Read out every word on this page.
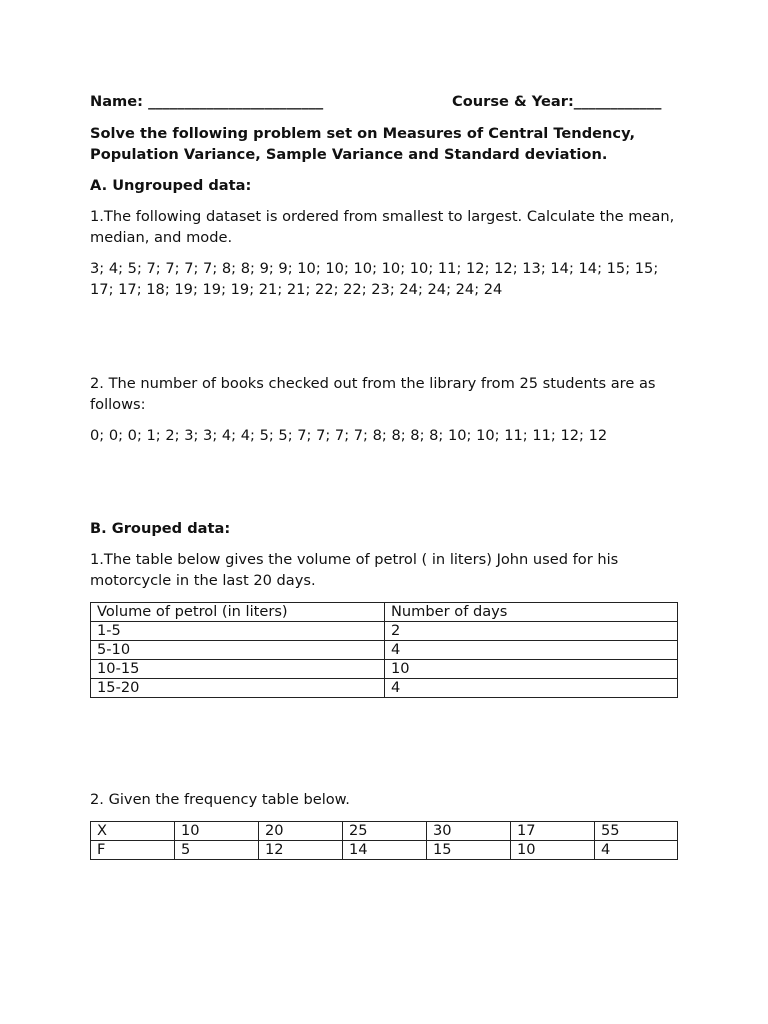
Name: ________________________	Course & Year:____________
Solve the following problem set on Measures of Central Tendency, Population Variance, Sample Variance and Standard deviation.
A. Ungrouped data:
1.The following dataset is ordered from smallest to largest. Calculate the mean, median, and mode.
3; 4; 5; 7; 7; 7; 7; 8; 8; 9; 9; 10; 10; 10; 10; 10; 11; 12; 12; 13; 14; 14; 15; 15; 17; 17; 18; 19; 19; 19; 21; 21; 22; 22; 23; 24; 24; 24; 24
2. The number of books checked out from the library from 25 students are as follows:
0; 0; 0; 1; 2; 3; 3; 4; 4; 5; 5; 7; 7; 7; 7; 8; 8; 8; 8; 10; 10; 11; 11; 12; 12
B. Grouped data:
1.The table below gives the volume of petrol ( in liters) John used for his motorcycle in the last 20 days.
Volume of petrol (in liters)	Number of days
1-5	2
5-10	4
10-15	10
15-20	4
2. Given the frequency table below.
X	10	20	25	30	17	55
F	5	12	14	15	10	4
